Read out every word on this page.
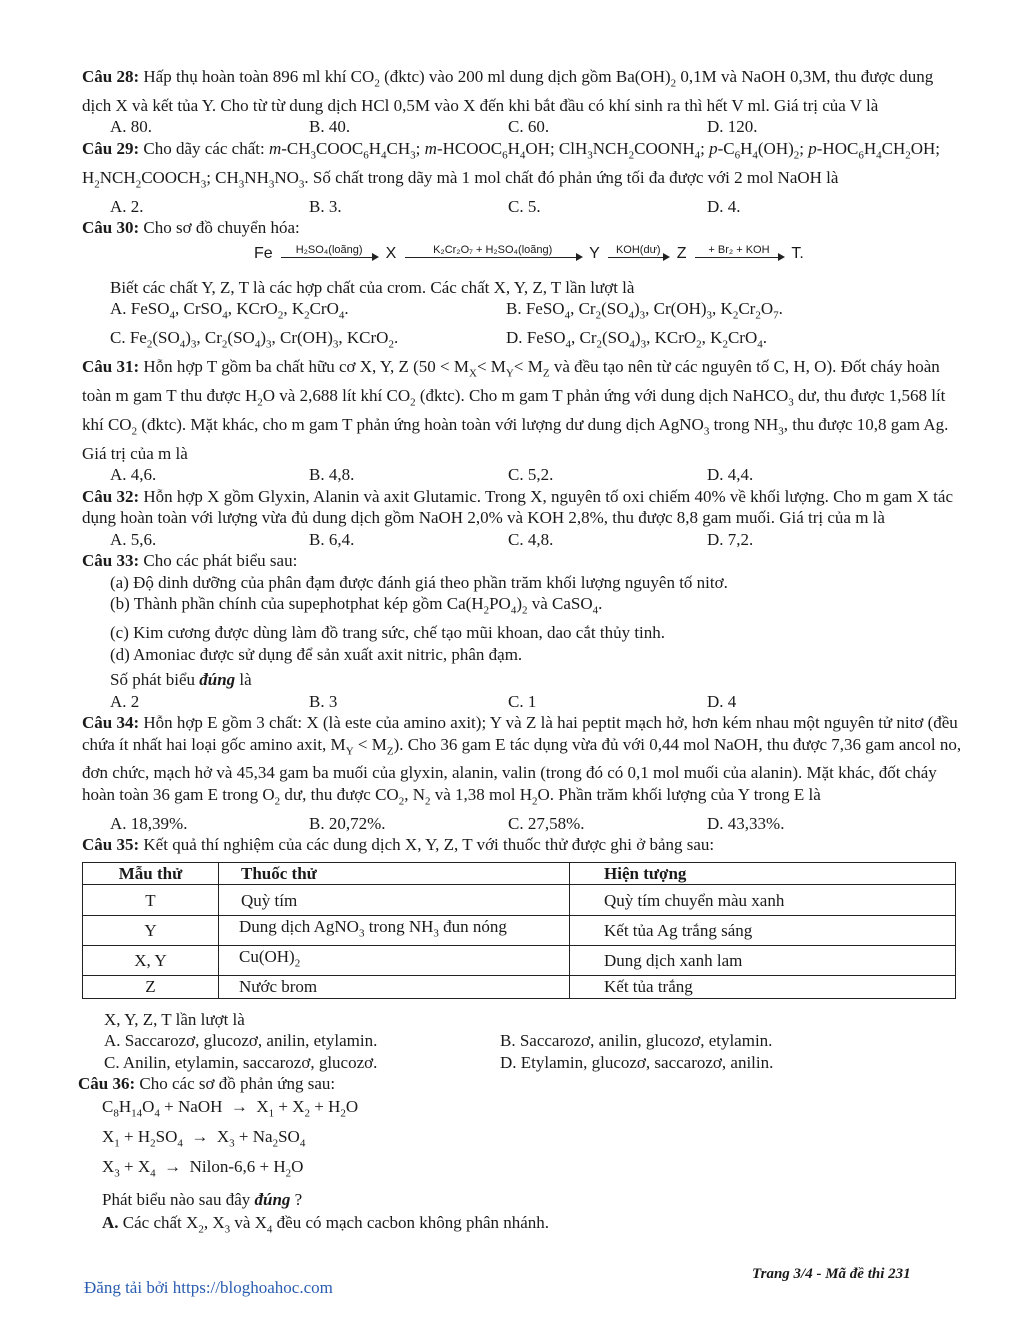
Câu 28: Hấp thụ hoàn toàn 896 ml khí $CO_2$ (đktc) vào 200 ml dung dịch gồm $Ba(OH)_2$ 0,1M và NaOH 0,3M, thu được dung dịch X và kết tủa Y. Cho từ từ dung dịch HCl 0,5M vào X đến khi bắt đầu có khí sinh ra thì hết V ml. Giá trị của V là

A. 80.	B. 40.	C. 60.	D. 120.

Câu 29: Cho dãy các chất: $m-CH_3COOC_6H_4CH_3$; $m-HCOOC_6H_4OH$; $ClH_3NCH_2COONH_4$; $p-C_6H_4(OH)_2$; $p-HOC_6H_4CH_2OH$; $H_2NCH_2COOCH_3$; $CH_3NH_3NO_3$. Số chất trong dãy mà 1 mol chất đó phản ứng tối đa được với 2 mol NaOH là

A. 2.	B. 3.	C. 5.	D. 4.

Câu 30: Cho sơ đồ chuyển hóa:

Fe	H₂SO₄(loãng)	X	K₂Cr₂O₇ + H₂SO₄(loãng)	Y	KOH(dư)	Z	+ Br₂ + KOH	T.

Biết các chất Y, Z, T là các hợp chất của crom. Các chất X, Y, Z, T lần lượt là

A. FeSO$_4$, CrSO$_4$, KCrO$_2$, $K_2CrO_4$.	B. FeSO$_4$, $Cr_2(SO_4)_3$, $Cr(OH)_3$, $K_2Cr_2O_7$.
C. $Fe_2(SO_4)_3$, $Cr_2(SO_4)_3$, $Cr(OH)_3$, KCrO$_2$.	D. FeSO$_4$, $Cr_2(SO_4)_3$, KCrO$_2$, $K_2CrO_4$.

Câu 31: Hỗn hợp T gồm ba chất hữu cơ X, Y, Z ($50 < M_X< M_Y< M_Z$ và đều tạo nên từ các nguyên tố C, H, O). Đốt cháy hoàn toàn m gam T thu được $H_2O$ và 2,688 lít khí $CO_2$ (đktc). Cho m gam T phản ứng với dung dịch NaHCO$_3$ dư, thu được 1,568 lít khí $CO_2$ (đktc). Mặt khác, cho m gam T phản ứng hoàn toàn với lượng dư dung dịch AgNO$_3$ trong $NH_3$, thu được 10,8 gam Ag. Giá trị của m là

A. 4,6.	B. 4,8.	C. 5,2.	D. 4,4.

Câu 32: Hỗn hợp X gồm Glyxin, Alanin và axit Glutamic. Trong X, nguyên tố oxi chiếm 40% về khối lượng. Cho m gam X tác dụng hoàn toàn với lượng vừa đủ dung dịch gồm NaOH 2,0% và KOH 2,8%, thu được 8,8 gam muối. Giá trị của m là

A. 5,6.	B. 6,4.	C. 4,8.	D. 7,2.

Câu 33: Cho các phát biểu sau:

(a) Độ dinh dưỡng của phân đạm được đánh giá theo phần trăm khối lượng nguyên tố nitơ.

(b) Thành phần chính của supephotphat kép gồm $Ca(H_2PO_4)_2$ và CaSO$_4$.

(c) Kim cương được dùng làm đồ trang sức, chế tạo mũi khoan, dao cắt thủy tinh.

(d) Amoniac được sử dụng để sản xuất axit nitric, phân đạm.

Số phát biểu đúng là

A. 2	B. 3	C. 1	D. 4

Câu 34: Hỗn hợp E gồm 3 chất: X (là este của amino axit); Y và Z là hai peptit mạch hở, hơn kém nhau một nguyên tử nitơ (đều chứa ít nhất hai loại gốc amino axit, $M_Y < M_Z$). Cho 36 gam E tác dụng vừa đủ với 0,44 mol NaOH, thu được 7,36 gam ancol no, đơn chức, mạch hở và 45,34 gam ba muối của glyxin, alanin, valin (trong đó có 0,1 mol muối của alanin). Mặt khác, đốt cháy hoàn toàn 36 gam E trong $O_2$ dư, thu được $CO_2$, $N_2$ và 1,38 mol $H_2O$. Phần trăm khối lượng của Y trong E là

A. 18,39%.	B. 20,72%.	C. 27,58%.	D. 43,33%.

Câu 35: Kết quả thí nghiệm của các dung dịch X, Y, Z, T với thuốc thử được ghi ở bảng sau:

Mẫu thử	Thuốc thử	Hiện tượng
T	Quỳ tím	Quỳ tím chuyển màu xanh
Y	Dung dịch AgNO$_3$ trong $NH_3$ đun nóng	Kết tủa Ag trắng sáng
X, Y	$Cu(OH)_2$	Dung dịch xanh lam
Z	Nước brom	Kết tủa trắng

X, Y, Z, T lần lượt là

A. Saccarozơ, glucozơ, anilin, etylamin.	B. Saccarozơ, anilin, glucozơ, etylamin.
C. Anilin, etylamin, saccarozơ, glucozơ.	D. Etylamin, glucozơ, saccarozơ, anilin.

Câu 36: Cho các sơ đồ phản ứng sau:

$C_8H_{14}O_4$ + NaOH  →  $X_1 + X_2 + H_2O$

$X_1 + H_2SO_4 \to X_3 + Na_2SO_4$

$X_3 + X_4$  →  Nilon-6,6 + $H_2O$

Phát biểu nào sau đây đúng ?

A. Các chất $X_2$, $X_3$ và $X_4$ đều có mạch cacbon không phân nhánh.

Đăng tải bởi https://bloghoahoc.com
Trang 3/4 - Mã đề thi 231
